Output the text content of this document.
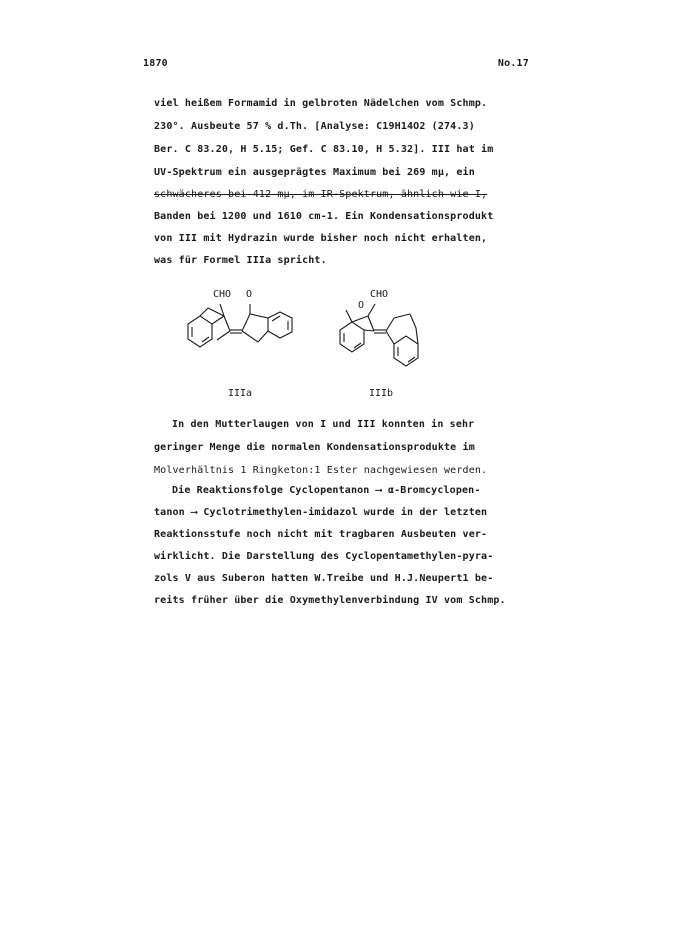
1870	No.17
viel heißem Formamid in gelbroten Nädelchen vom Schmp.
230°. Ausbeute 57 % d.Th. [Analyse: C19H14O2 (274.3)
Ber. C 83.20, H 5.15; Gef. C 83.10, H 5.32]. III hat im
UV-Spektrum ein ausgeprägtes Maximum bei 269 mμ, ein
schwächeres bei 412 mμ, im IR-Spektrum, ähnlich wie I,
Banden bei 1200 und 1610 cm-1. Ein Kondensationsprodukt
von III mit Hydrazin wurde bisher noch nicht erhalten,
was für Formel IIIa spricht.
CHO O
O
CHO
IIIa	IIIb
In den Mutterlaugen von I und III konnten in sehr
geringer Menge die normalen Kondensationsprodukte im
Molverhältnis 1 Ringketon:1 Ester nachgewiesen werden.
Die Reaktionsfolge Cyclopentanon ⟶ α-Bromcyclopen-
tanon ⟶ Cyclotrimethylen-imidazol wurde in der letzten
Reaktionsstufe noch nicht mit tragbaren Ausbeuten ver-
wirklicht. Die Darstellung des Cyclopentamethylen-pyra-
zols V aus Suberon hatten W.Treibe und H.J.Neupert1 be-
reits früher über die Oxymethylenverbindung IV vom Schmp.
